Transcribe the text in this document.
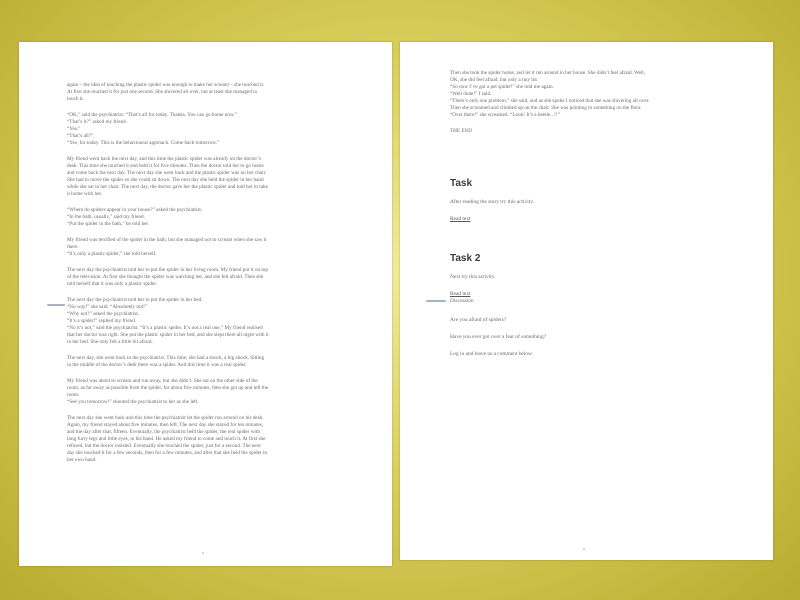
again – the idea of touching the plastic spider was enough to make her scream – she touched it.
At first she touched it for just one second. She shivered all over, but at least she managed to
touch it.
“OK,” said the psychiatrist. “That’s all for today. Thanks. You can go home now.”
“That’s it?” asked my friend.
“Yes.”
“That’s all?”
“Yes, for today. This is the behavioural approach. Come back tomorrow.”
My friend went back the next day, and this time the plastic spider was already on the doctor’s
desk. This time she touched it and held it for five minutes. Then the doctor told her to go home
and come back the next day. The next day she went back and the plastic spider was on her chair.
She had to move the spider so she could sit down. The next day she held the spider in her hand
while she sat in her chair. The next day, the doctor gave her the plastic spider and told her to take
it home with her.
“Where do spiders appear in your house?” asked the psychiatrist.
“In the bath, usually,” said my friend.
“Put the spider in the bath,” he told her.
My friend was terrified of the spider in the bath, but she managed not to scream when she saw it
there.
“It’s only a plastic spider,” she told herself.
The next day the psychiatrist told her to put the spider in her living room. My friend put it on top
of the television. At first she thought the spider was watching her, and she felt afraid. Then she
told herself that it was only a plastic spider.
The next day the psychiatrist told her to put the spider in her bed.
“No way!” she said. “Absolutely not!”
“Why not?” asked the psychiatrist.
“It’s a spider!” replied my friend.
“No it’s not,” said the psychiatrist. “It’s a plastic spider. It’s not a real one.” My friend realised
that her doctor was right. She put the plastic spider in her bed, and she slept there all night with it
in her bed. She only felt a little bit afraid.
The next day, she went back to the psychiatrist. This time, she had a shock, a big shock. Sitting
in the middle of the doctor’s desk there was a spider. And this time it was a real spider.
My friend was about to scream and run away, but she didn’t. She sat on the other side of the
room, as far away as possible from the spider, for about five minutes, then she got up and left the
room.
“See you tomorrow!” shouted the psychiatrist to her as she left.
The next day she went back and this time the psychiatrist let the spider run around on his desk.
Again, my friend stayed about five minutes, then left. The next day she stayed for ten minutes,
and the day after that, fifteen. Eventually, the psychiatrist held the spider, the real spider with
long furry legs and little eyes, in his hand. He asked my friend to come and touch it. At first she
refused, but the doctor insisted. Eventually she touched the spider, just for a second. The next
day she touched it for a few seconds, then for a few minutes, and after that she held the spider in
her own hand.
Then she took the spider home, and let it run around in her house. She didn’t feel afraid. Well,
OK, she did feel afraid, but only a tiny bit.
“So now I’ve got a pet spider!” she told me again.
“Well done!” I said.
“There’s only one problem,” she said, and as she spoke I noticed that she was shivering all over.
Then she screamed and climbed up on the chair. She was pointing to something on the floor.
“Over there!” she screamed. “Look! It’s a beetle...!!”
THE END
Task
After reading the story try this activity.
Read text
Task 2
Next try this activity.
Read text
Discussion
Are you afraid of spiders?
Have you ever got over a fear of something?
Log in and leave us a comment below.
